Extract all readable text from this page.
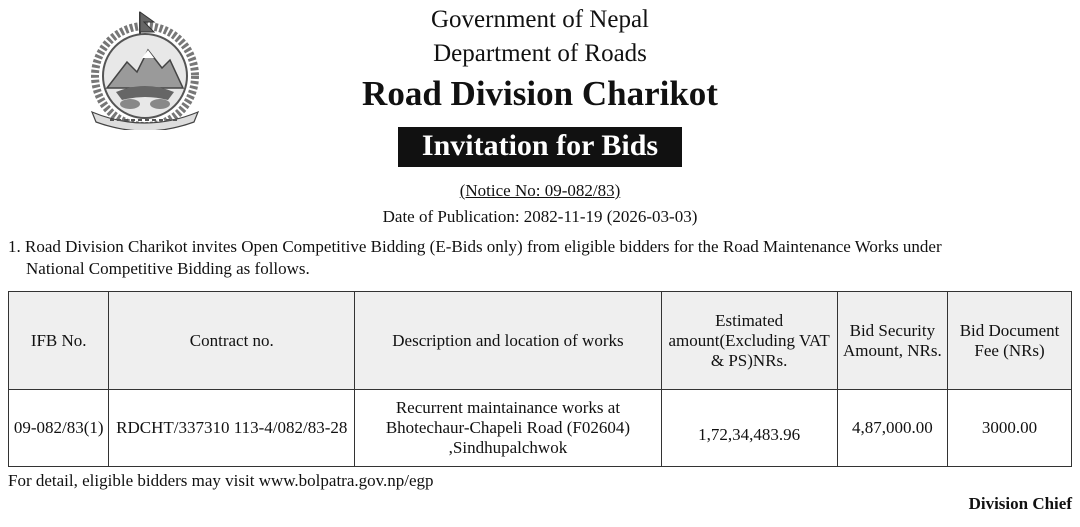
Government of Nepal
Department of Roads
Road Division Charikot
Invitation for Bids
(Notice No: 09-082/83)
Date of Publication: 2082-11-19 (2026-03-03)
1. Road Division Charikot invites Open Competitive Bidding (E-Bids only) from eligible bidders for the Road Maintenance Works under
National Competitive Bidding as follows.
IFB No.	Contract no.	Description and location of works	Estimated amount(Excluding VAT & PS)NRs.	Bid Security Amount, NRs.	Bid Document Fee (NRs)
09-082/83(1)	RDCHT/337310 113-4/082/83-28	Recurrent maintainance works at Bhotechaur-Chapeli Road (F02604) ,Sindhupalchwok	1,72,34,483.96	4,87,000.00	3000.00
For detail, eligible bidders may visit www.bolpatra.gov.np/egp
Division Chief
